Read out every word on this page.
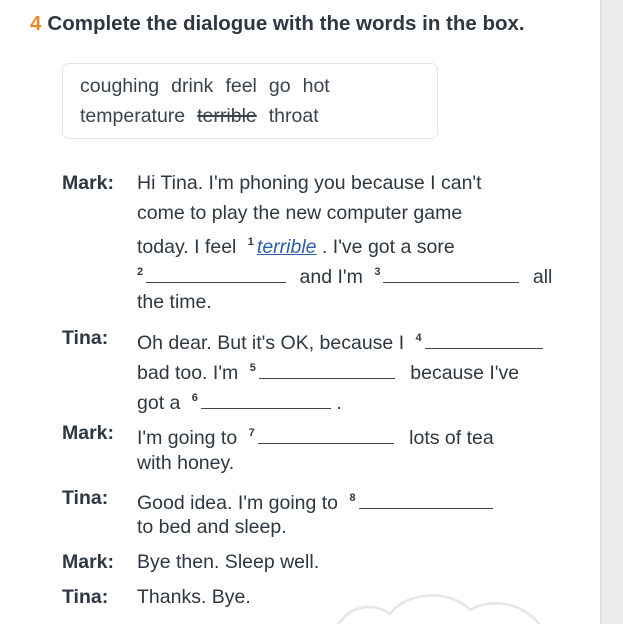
4 Complete the dialogue with the words in the box.
coughing drink feel go hot
temperature terrible throat
Mark: Hi Tina. I'm phoning you because I can't
come to play the new computer game
today. I feel $^1$ terrible . I've got a sore
$^2$	and I'm $^3$	all
the time.
Tina: Oh dear. But it's OK, because I $^4$
bad too. I'm $^5$	because I've
got a $^6$	.
Mark: I'm going to $^7$	lots of tea
with honey.
Tina: Good idea. I'm going to $^8$
to bed and sleep.
Mark: Bye then. Sleep well.
Tina: Thanks. Bye.
